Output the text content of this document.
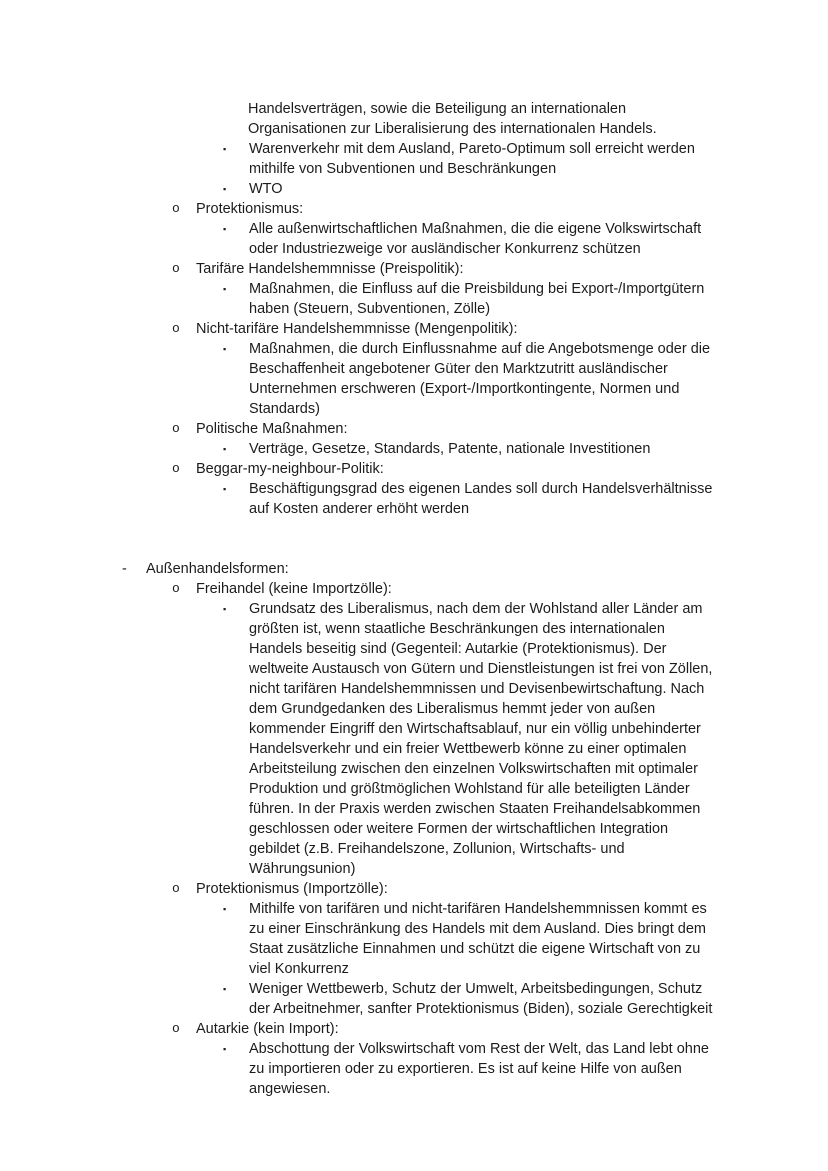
Handelsverträgen, sowie die Beteiligung an internationalen Organisationen zur Liberalisierung des internationalen Handels.
▪	Warenverkehr mit dem Ausland, Pareto-Optimum soll erreicht werden mithilfe von Subventionen und Beschränkungen
▪	WTO
o	Protektionismus:
▪	Alle außenwirtschaftlichen Maßnahmen, die die eigene Volkswirtschaft oder Industriezweige vor ausländischer Konkurrenz schützen
o	Tarifäre Handelshemmnisse (Preispolitik):
▪	Maßnahmen, die Einfluss auf die Preisbildung bei Export-/Importgütern haben (Steuern, Subventionen, Zölle)
o	Nicht-tarifäre Handelshemmnisse (Mengenpolitik):
▪	Maßnahmen, die durch Einflussnahme auf die Angebotsmenge oder die Beschaffenheit angebotener Güter den Marktzutritt ausländischer Unternehmen erschweren (Export-/Importkontingente, Normen und Standards)
o	Politische Maßnahmen:
▪	Verträge, Gesetze, Standards, Patente, nationale Investitionen
o	Beggar-my-neighbour-Politik:
▪	Beschäftigungsgrad des eigenen Landes soll durch Handelsverhältnisse auf Kosten anderer erhöht werden
-	Außenhandelsformen:
o	Freihandel (keine Importzölle):
▪	Grundsatz des Liberalismus, nach dem der Wohlstand aller Länder am größten ist, wenn staatliche Beschränkungen des internationalen Handels beseitig sind (Gegenteil: Autarkie (Protektionismus). Der weltweite Austausch von Gütern und Dienstleistungen ist frei von Zöllen, nicht tarifären Handelshemmnissen und Devisenbewirtschaftung. Nach dem Grundgedanken des Liberalismus hemmt jeder von außen kommender Eingriff den Wirtschaftsablauf, nur ein völlig unbehinderter Handelsverkehr und ein freier Wettbewerb könne zu einer optimalen Arbeitsteilung zwischen den einzelnen Volkswirtschaften mit optimaler Produktion und größtmöglichen Wohlstand für alle beteiligten Länder führen. In der Praxis werden zwischen Staaten Freihandelsabkommen geschlossen oder weitere Formen der wirtschaftlichen Integration gebildet (z.B. Freihandelszone, Zollunion, Wirtschafts- und Währungsunion)
o	Protektionismus (Importzölle):
▪	Mithilfe von tarifären und nicht-tarifären Handelshemmnissen kommt es zu einer Einschränkung des Handels mit dem Ausland. Dies bringt dem Staat zusätzliche Einnahmen und schützt die eigene Wirtschaft von zu viel Konkurrenz
▪	Weniger Wettbewerb, Schutz der Umwelt, Arbeitsbedingungen, Schutz der Arbeitnehmer, sanfter Protektionismus (Biden), soziale Gerechtigkeit
o	Autarkie (kein Import):
▪	Abschottung der Volkswirtschaft vom Rest der Welt, das Land lebt ohne zu importieren oder zu exportieren. Es ist auf keine Hilfe von außen angewiesen.
